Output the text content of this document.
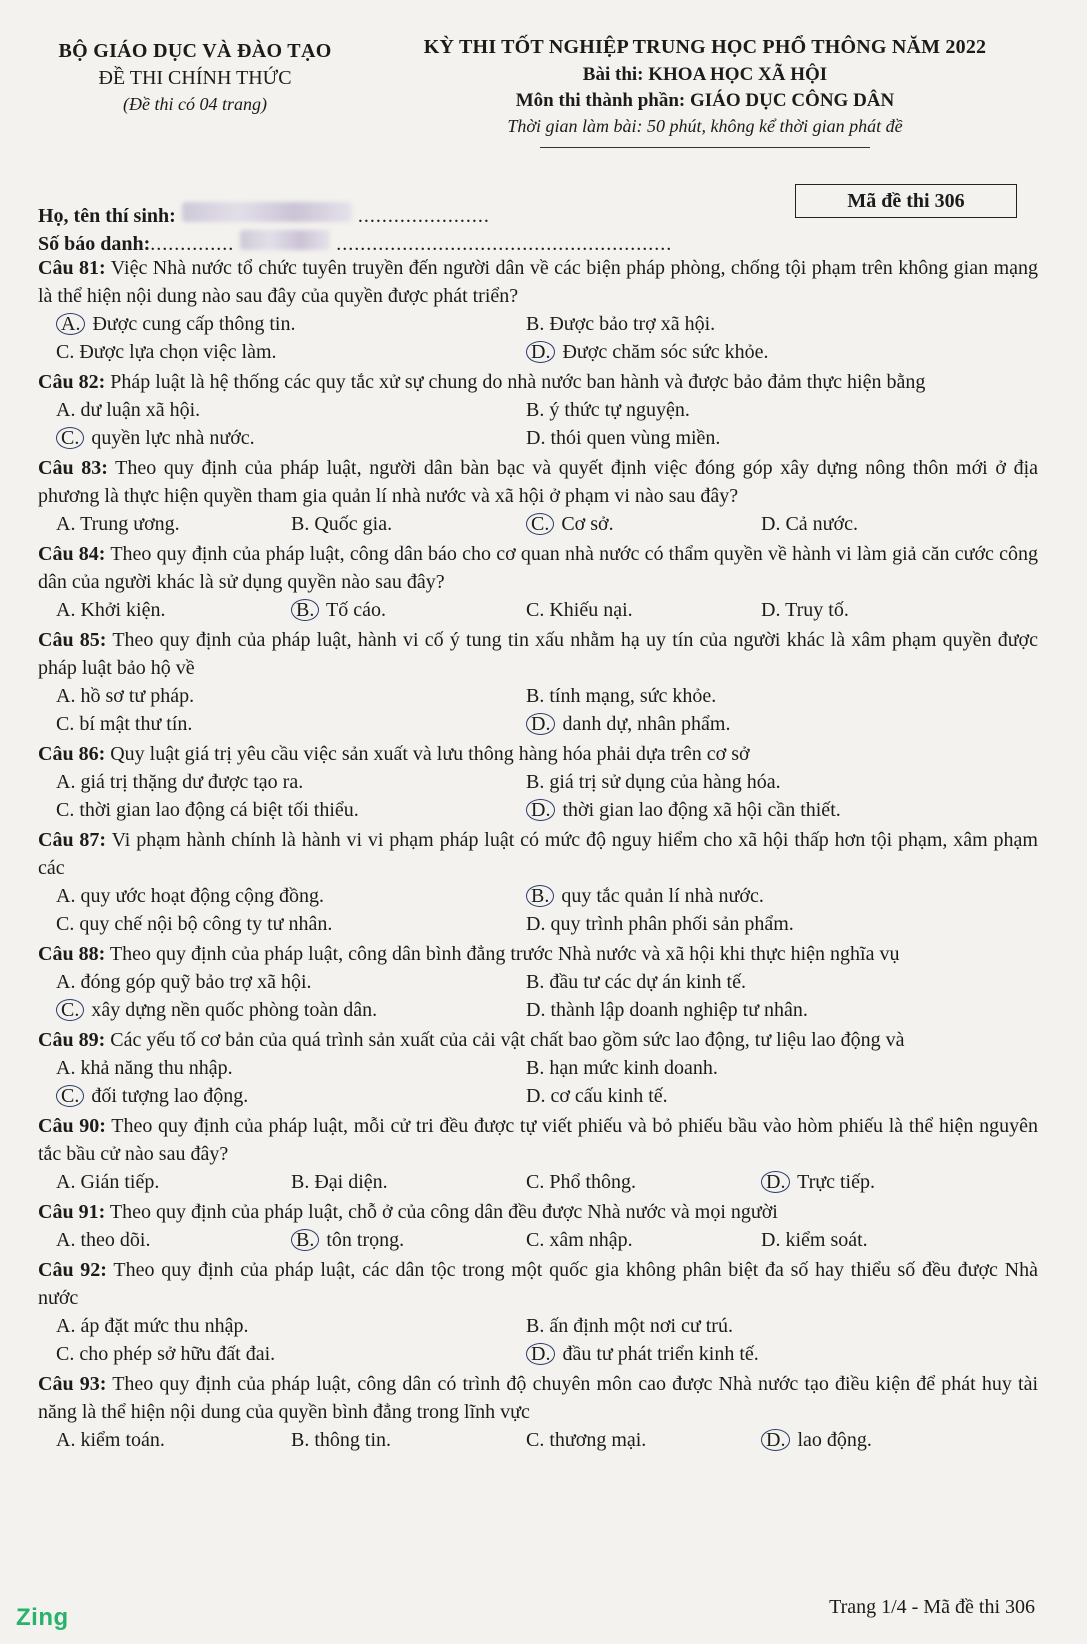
BỘ GIÁO DỤC VÀ ĐÀO TẠO
ĐỀ THI CHÍNH THỨC
(Đề thi có 04 trang)
KỲ THI TỐT NGHIỆP TRUNG HỌC PHỔ THÔNG NĂM 2022
Bài thi: KHOA HỌC XÃ HỘI
Môn thi thành phần: GIÁO DỤC CÔNG DÂN
Thời gian làm bài: 50 phút, không kể thời gian phát đề
Mã đề thi 306
Họ, tên thí sinh:	......................
Số báo danh: ..............	........................................................
Câu 81: Việc Nhà nước tổ chức tuyên truyền đến người dân về các biện pháp phòng, chống tội phạm trên không gian mạng là thể hiện nội dung nào sau đây của quyền được phát triển?
A. Được cung cấp thông tin.	B. Được bảo trợ xã hội.
C. Được lựa chọn việc làm.	D. Được chăm sóc sức khỏe.
Câu 82: Pháp luật là hệ thống các quy tắc xử sự chung do nhà nước ban hành và được bảo đảm thực hiện bằng
A. dư luận xã hội.	B. ý thức tự nguyện.
C. quyền lực nhà nước.	D. thói quen vùng miền.
Câu 83: Theo quy định của pháp luật, người dân bàn bạc và quyết định việc đóng góp xây dựng nông thôn mới ở địa phương là thực hiện quyền tham gia quản lí nhà nước và xã hội ở phạm vi nào sau đây?
A. Trung ương.	B. Quốc gia.	C. Cơ sở.	D. Cả nước.
Câu 84: Theo quy định của pháp luật, công dân báo cho cơ quan nhà nước có thẩm quyền về hành vi làm giả căn cước công dân của người khác là sử dụng quyền nào sau đây?
A. Khởi kiện.	B. Tố cáo.	C. Khiếu nại.	D. Truy tố.
Câu 85: Theo quy định của pháp luật, hành vi cố ý tung tin xấu nhằm hạ uy tín của người khác là xâm phạm quyền được pháp luật bảo hộ về
A. hồ sơ tư pháp.	B. tính mạng, sức khỏe.
C. bí mật thư tín.	D. danh dự, nhân phẩm.
Câu 86: Quy luật giá trị yêu cầu việc sản xuất và lưu thông hàng hóa phải dựa trên cơ sở
A. giá trị thặng dư được tạo ra.	B. giá trị sử dụng của hàng hóa.
C. thời gian lao động cá biệt tối thiểu.	D. thời gian lao động xã hội cần thiết.
Câu 87: Vi phạm hành chính là hành vi vi phạm pháp luật có mức độ nguy hiểm cho xã hội thấp hơn tội phạm, xâm phạm các
A. quy ước hoạt động cộng đồng.	B. quy tắc quản lí nhà nước.
C. quy chế nội bộ công ty tư nhân.	D. quy trình phân phối sản phẩm.
Câu 88: Theo quy định của pháp luật, công dân bình đẳng trước Nhà nước và xã hội khi thực hiện nghĩa vụ
A. đóng góp quỹ bảo trợ xã hội.	B. đầu tư các dự án kinh tế.
C. xây dựng nền quốc phòng toàn dân.	D. thành lập doanh nghiệp tư nhân.
Câu 89: Các yếu tố cơ bản của quá trình sản xuất của cải vật chất bao gồm sức lao động, tư liệu lao động và
A. khả năng thu nhập.	B. hạn mức kinh doanh.
C. đối tượng lao động.	D. cơ cấu kinh tế.
Câu 90: Theo quy định của pháp luật, mỗi cử tri đều được tự viết phiếu và bỏ phiếu bầu vào hòm phiếu là thể hiện nguyên tắc bầu cử nào sau đây?
A. Gián tiếp.	B. Đại diện.	C. Phổ thông.	D. Trực tiếp.
Câu 91: Theo quy định của pháp luật, chỗ ở của công dân đều được Nhà nước và mọi người
A. theo dõi.	B. tôn trọng.	C. xâm nhập.	D. kiểm soát.
Câu 92: Theo quy định của pháp luật, các dân tộc trong một quốc gia không phân biệt đa số hay thiểu số đều được Nhà nước
A. áp đặt mức thu nhập.	B. ấn định một nơi cư trú.
C. cho phép sở hữu đất đai.	D. đầu tư phát triển kinh tế.
Câu 93: Theo quy định của pháp luật, công dân có trình độ chuyên môn cao được Nhà nước tạo điều kiện để phát huy tài năng là thể hiện nội dung của quyền bình đẳng trong lĩnh vực
A. kiểm toán.	B. thông tin.	C. thương mại.	D. lao động.
Trang 1/4 - Mã đề thi 306
Zing
